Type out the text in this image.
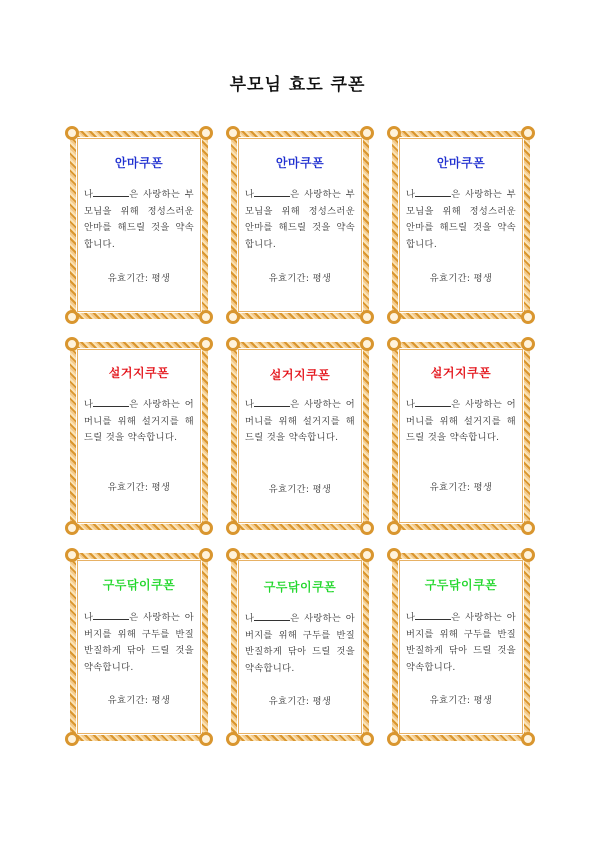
부모님 효도 쿠폰
안마쿠폰
나	은 사랑하는 부모님을 위해 정성스러운 안마를 해드릴 것을 약속합니다.
유효기간: 평생
안마쿠폰
나	은 사랑하는 부모님을 위해 정성스러운 안마를 해드릴 것을 약속합니다.
유효기간: 평생
안마쿠폰
나	은 사랑하는 부모님을 위해 정성스러운 안마를 해드릴 것을 약속합니다.
유효기간: 평생
설거지쿠폰
나	은 사랑하는 어머니를 위해 설거지를 해드릴 것을 약속합니다.
유효기간: 평생
설거지쿠폰
나	은 사랑하는 어머니를 위해 설거지를 해드릴 것을 약속합니다.
유효기간: 평생
설거지쿠폰
나	은 사랑하는 어머니를 위해 설거지를 해드릴 것을 약속합니다.
유효기간: 평생
구두닦이쿠폰
나	은 사랑하는 아버지를 위해 구두를 반질반질하게 닦아 드릴 것을 약속합니다.
유효기간: 평생
구두닦이쿠폰
나	은 사랑하는 아버지를 위해 구두를 반질반질하게 닦아 드릴 것을 약속합니다.
유효기간: 평생
구두닦이쿠폰
나	은 사랑하는 아버지를 위해 구두를 반질반질하게 닦아 드릴 것을 약속합니다.
유효기간: 평생
